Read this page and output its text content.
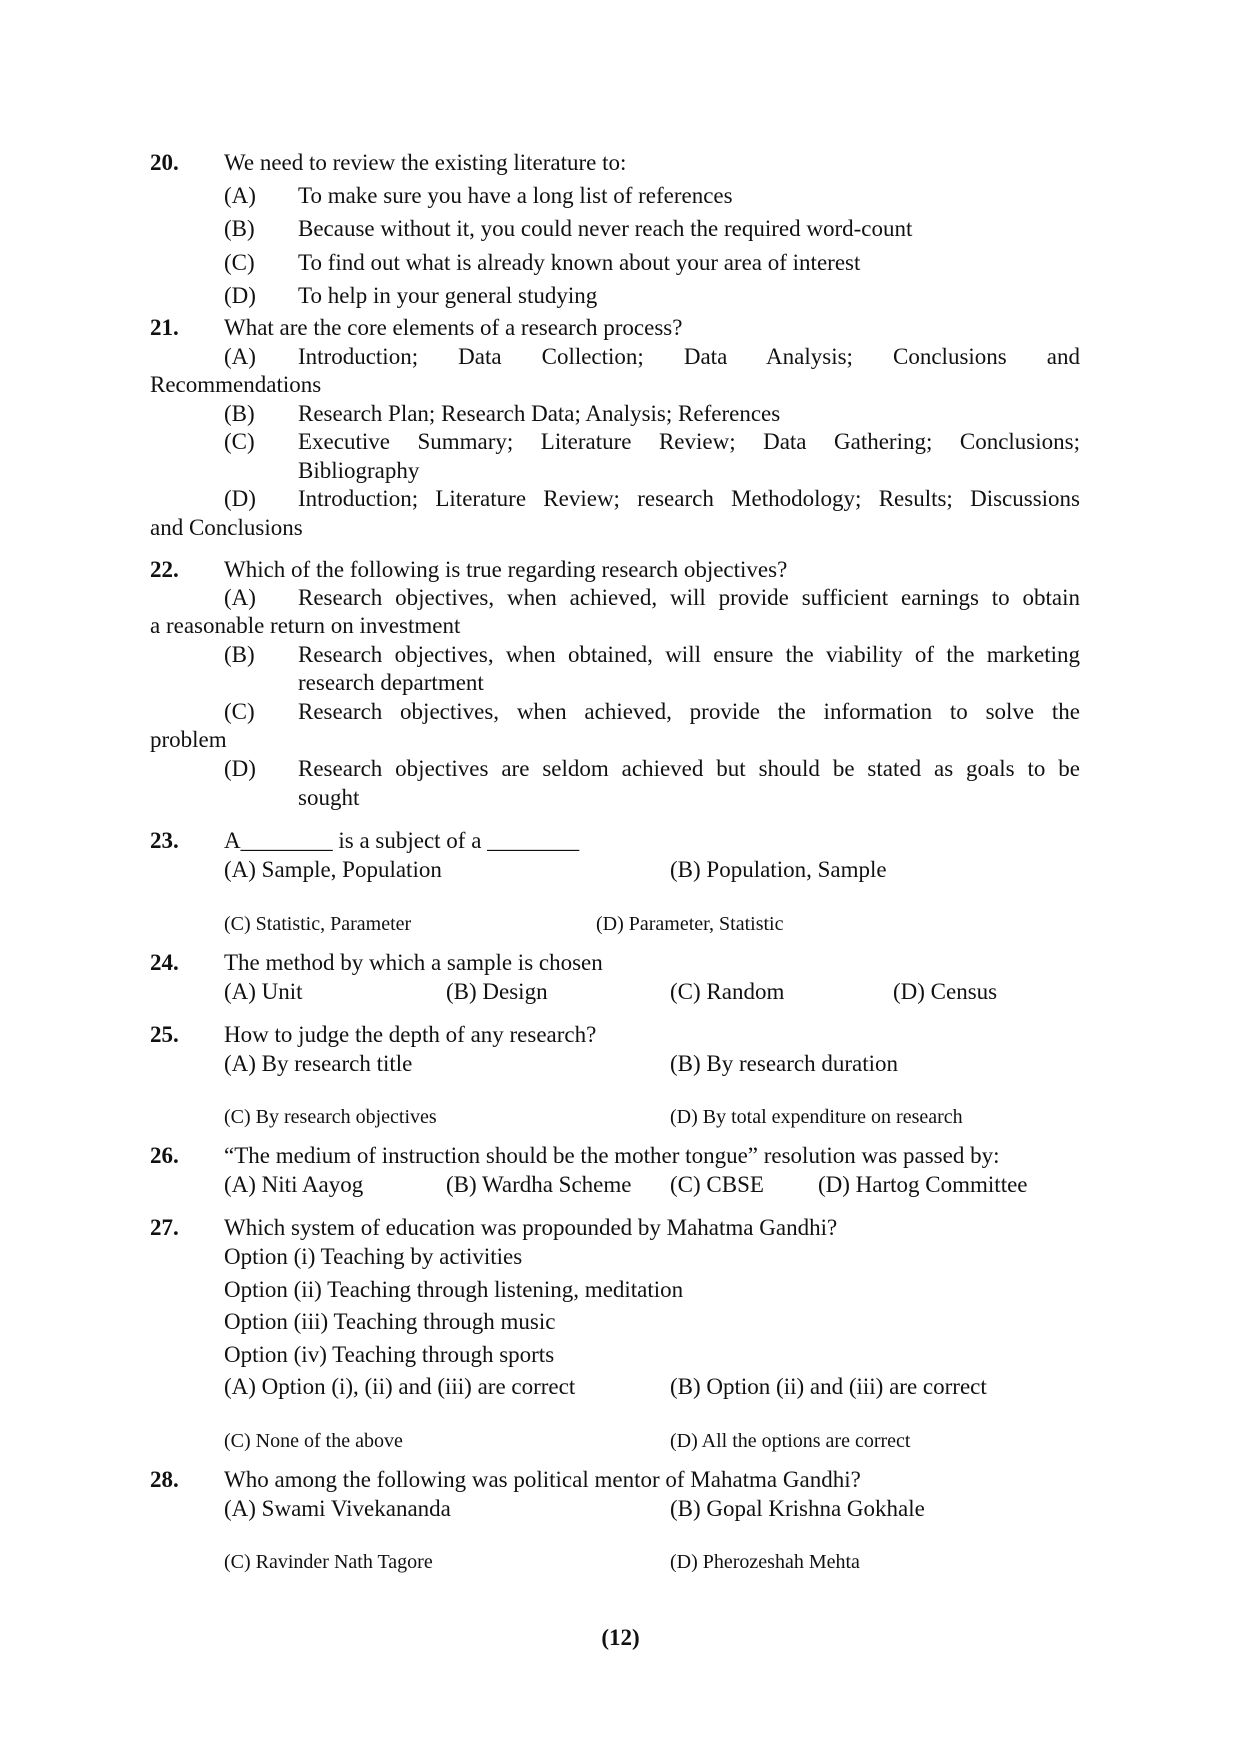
20. We need to review the existing literature to:
(A) To make sure you have a long list of references
(B) Because without it, you could never reach the required word-count
(C) To find out what is already known about your area of interest
(D) To help in your general studying
21. What are the core elements of a research process?
(A) Introduction; Data Collection; Data Analysis; Conclusions and
Recommendations
(B) Research Plan; Research Data; Analysis; References
(C) Executive Summary; Literature Review; Data Gathering; Conclusions;
Bibliography
(D) Introduction; Literature Review; research Methodology; Results; Discussions
and Conclusions
22. Which of the following is true regarding research objectives?
(A) Research objectives, when achieved, will provide sufficient earnings to obtain
a reasonable return on investment
(B) Research objectives, when obtained, will ensure the viability of the marketing
research department
(C) Research objectives, when achieved, provide the information to solve the
problem
(D) Research objectives are seldom achieved but should be stated as goals to be
sought
23. A________ is a subject of a ________
(A) Sample, Population	(B) Population, Sample
(C) Statistic, Parameter	(D) Parameter, Statistic
24. The method by which a sample is chosen
(A) Unit	(B) Design	(C) Random	(D) Census
25. How to judge the depth of any research?
(A) By research title	(B) By research duration
(C) By research objectives	(D) By total expenditure on research
26. “The medium of instruction should be the mother tongue” resolution was passed by:
(A) Niti Aayog	(B) Wardha Scheme (C) CBSE (D) Hartog Committee
27. Which system of education was propounded by Mahatma Gandhi?
Option (i) Teaching by activities
Option (ii) Teaching through listening, meditation
Option (iii) Teaching through music
Option (iv) Teaching through sports
(A) Option (i), (ii) and (iii) are correct	(B) Option (ii) and (iii) are correct
(C) None of the above	(D) All the options are correct
28. Who among the following was political mentor of Mahatma Gandhi?
(A) Swami Vivekananda	(B) Gopal Krishna Gokhale
(C) Ravinder Nath Tagore	(D) Pherozeshah Mehta
(12)
